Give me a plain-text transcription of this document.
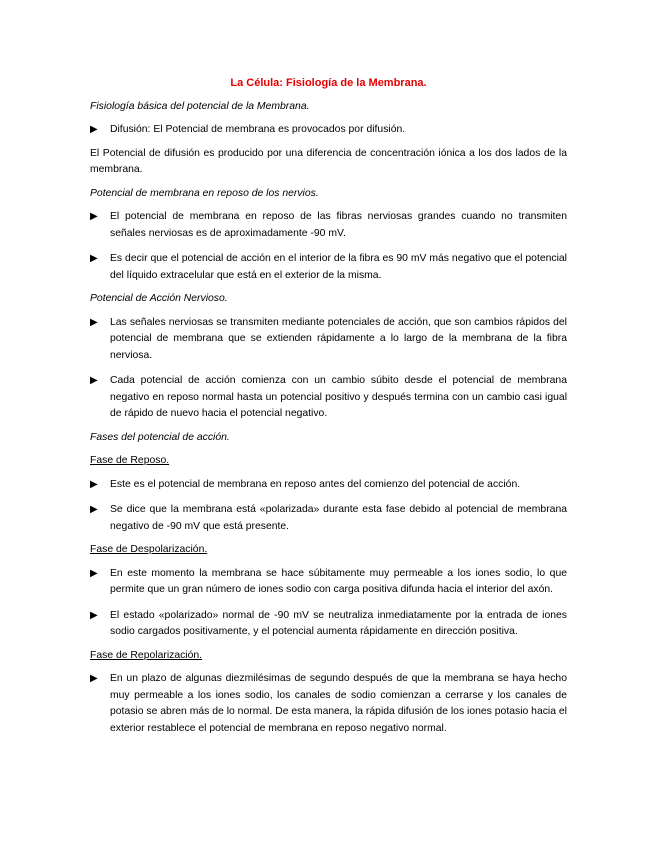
La Célula: Fisiología de la Membrana.
Fisiología básica del potencial de la Membrana.
▶	Difusión: El Potencial de membrana es provocados por difusión.
El Potencial de difusión es producido por una diferencia de concentración iónica a los dos lados de la membrana.
Potencial de membrana en reposo de los nervios.
▶	El potencial de membrana en reposo de las fibras nerviosas grandes cuando no transmiten señales nerviosas es de aproximadamente -90 mV.
▶	Es decir que el potencial de acción en el interior de la fibra es 90 mV más negativo que el potencial del líquido extracelular que está en el exterior de la misma.
Potencial de Acción Nervioso.
▶	Las señales nerviosas se transmiten mediante potenciales de acción, que son cambios rápidos del potencial de membrana que se extienden rápidamente a lo largo de la membrana de la fibra nerviosa.
▶	Cada potencial de acción comienza con un cambio súbito desde el potencial de membrana negativo en reposo normal hasta un potencial positivo y después termina con un cambio casi igual de rápido de nuevo hacia el potencial negativo.
Fases del potencial de acción.
Fase de Reposo.
▶	Este es el potencial de membrana en reposo antes del comienzo del potencial de acción.
▶	Se dice que la membrana está «polarizada» durante esta fase debido al potencial de membrana negativo de -90 mV que está presente.
Fase de Despolarización.
▶	En este momento la membrana se hace súbitamente muy permeable a los iones sodio, lo que permite que un gran número de iones sodio con carga positiva difunda hacia el interior del axón.
▶	El estado «polarizado» normal de -90 mV se neutraliza inmediatamente por la entrada de iones sodio cargados positivamente, y el potencial aumenta rápidamente en dirección positiva.
Fase de Repolarización.
▶	En un plazo de algunas diezmilésimas de segundo después de que la membrana se haya hecho muy permeable a los iones sodio, los canales de sodio comienzan a cerrarse y los canales de potasio se abren más de lo normal. De esta manera, la rápida difusión de los iones potasio hacia el exterior restablece el potencial de membrana en reposo negativo normal.
